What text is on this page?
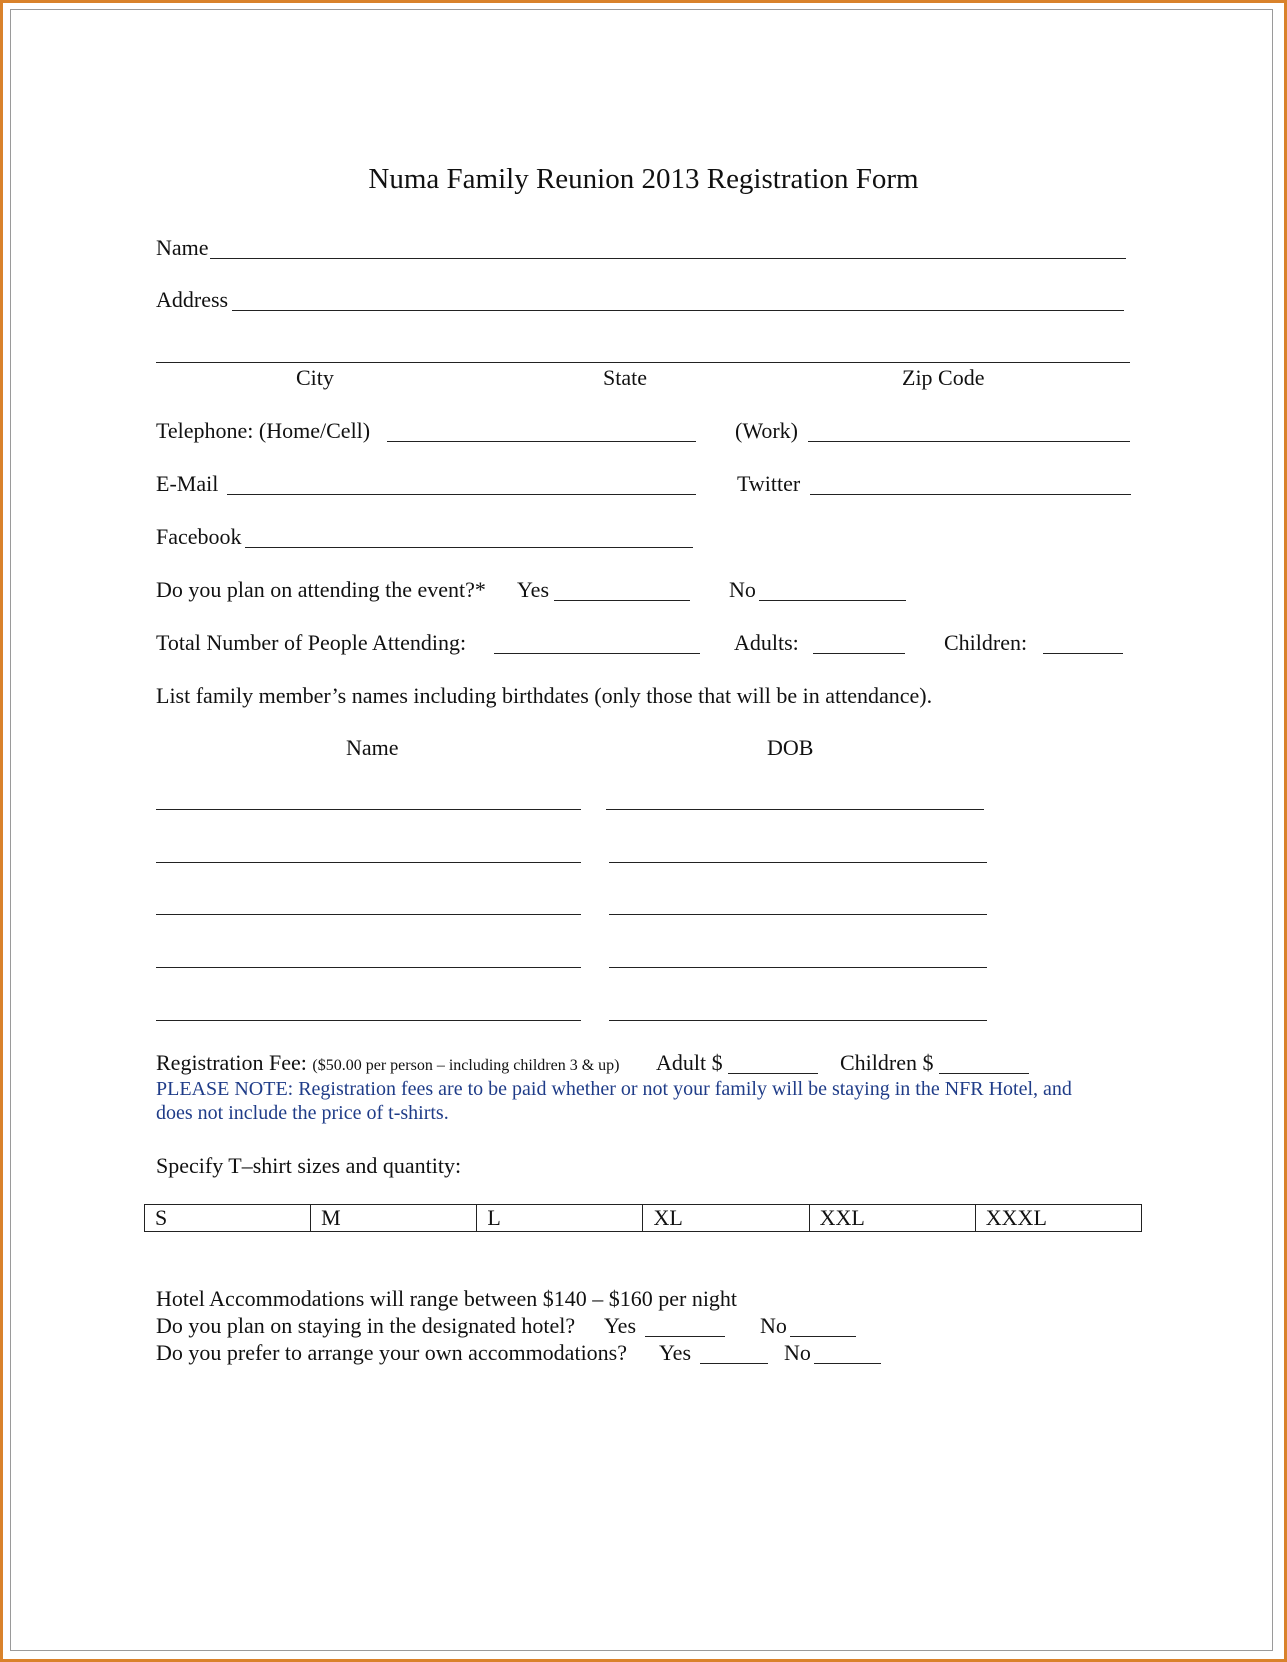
Numa Family Reunion 2013 Registration Form
Name
Address
City	State	Zip Code
Telephone: (Home/Cell)	(Work)
E-Mail	Twitter
Facebook
Do you plan on attending the event?* Yes	No
Total Number of People Attending:	Adults:	Children:
List family member’s names including birthdates (only those that will be in attendance).
Name	DOB
Registration Fee: ($50.00 per person – including children 3 & up) Adult $	Children $
PLEASE NOTE: Registration fees are to be paid whether or not your family will be staying in the NFR Hotel, and
does not include the price of t-shirts.
Specify T–shirt sizes and quantity:
S	M	L	XL	XXL	XXXL
Hotel Accommodations will range between $140 – $160 per night
Do you plan on staying in the designated hotel? Yes	No
Do you prefer to arrange your own accommodations? Yes	No
